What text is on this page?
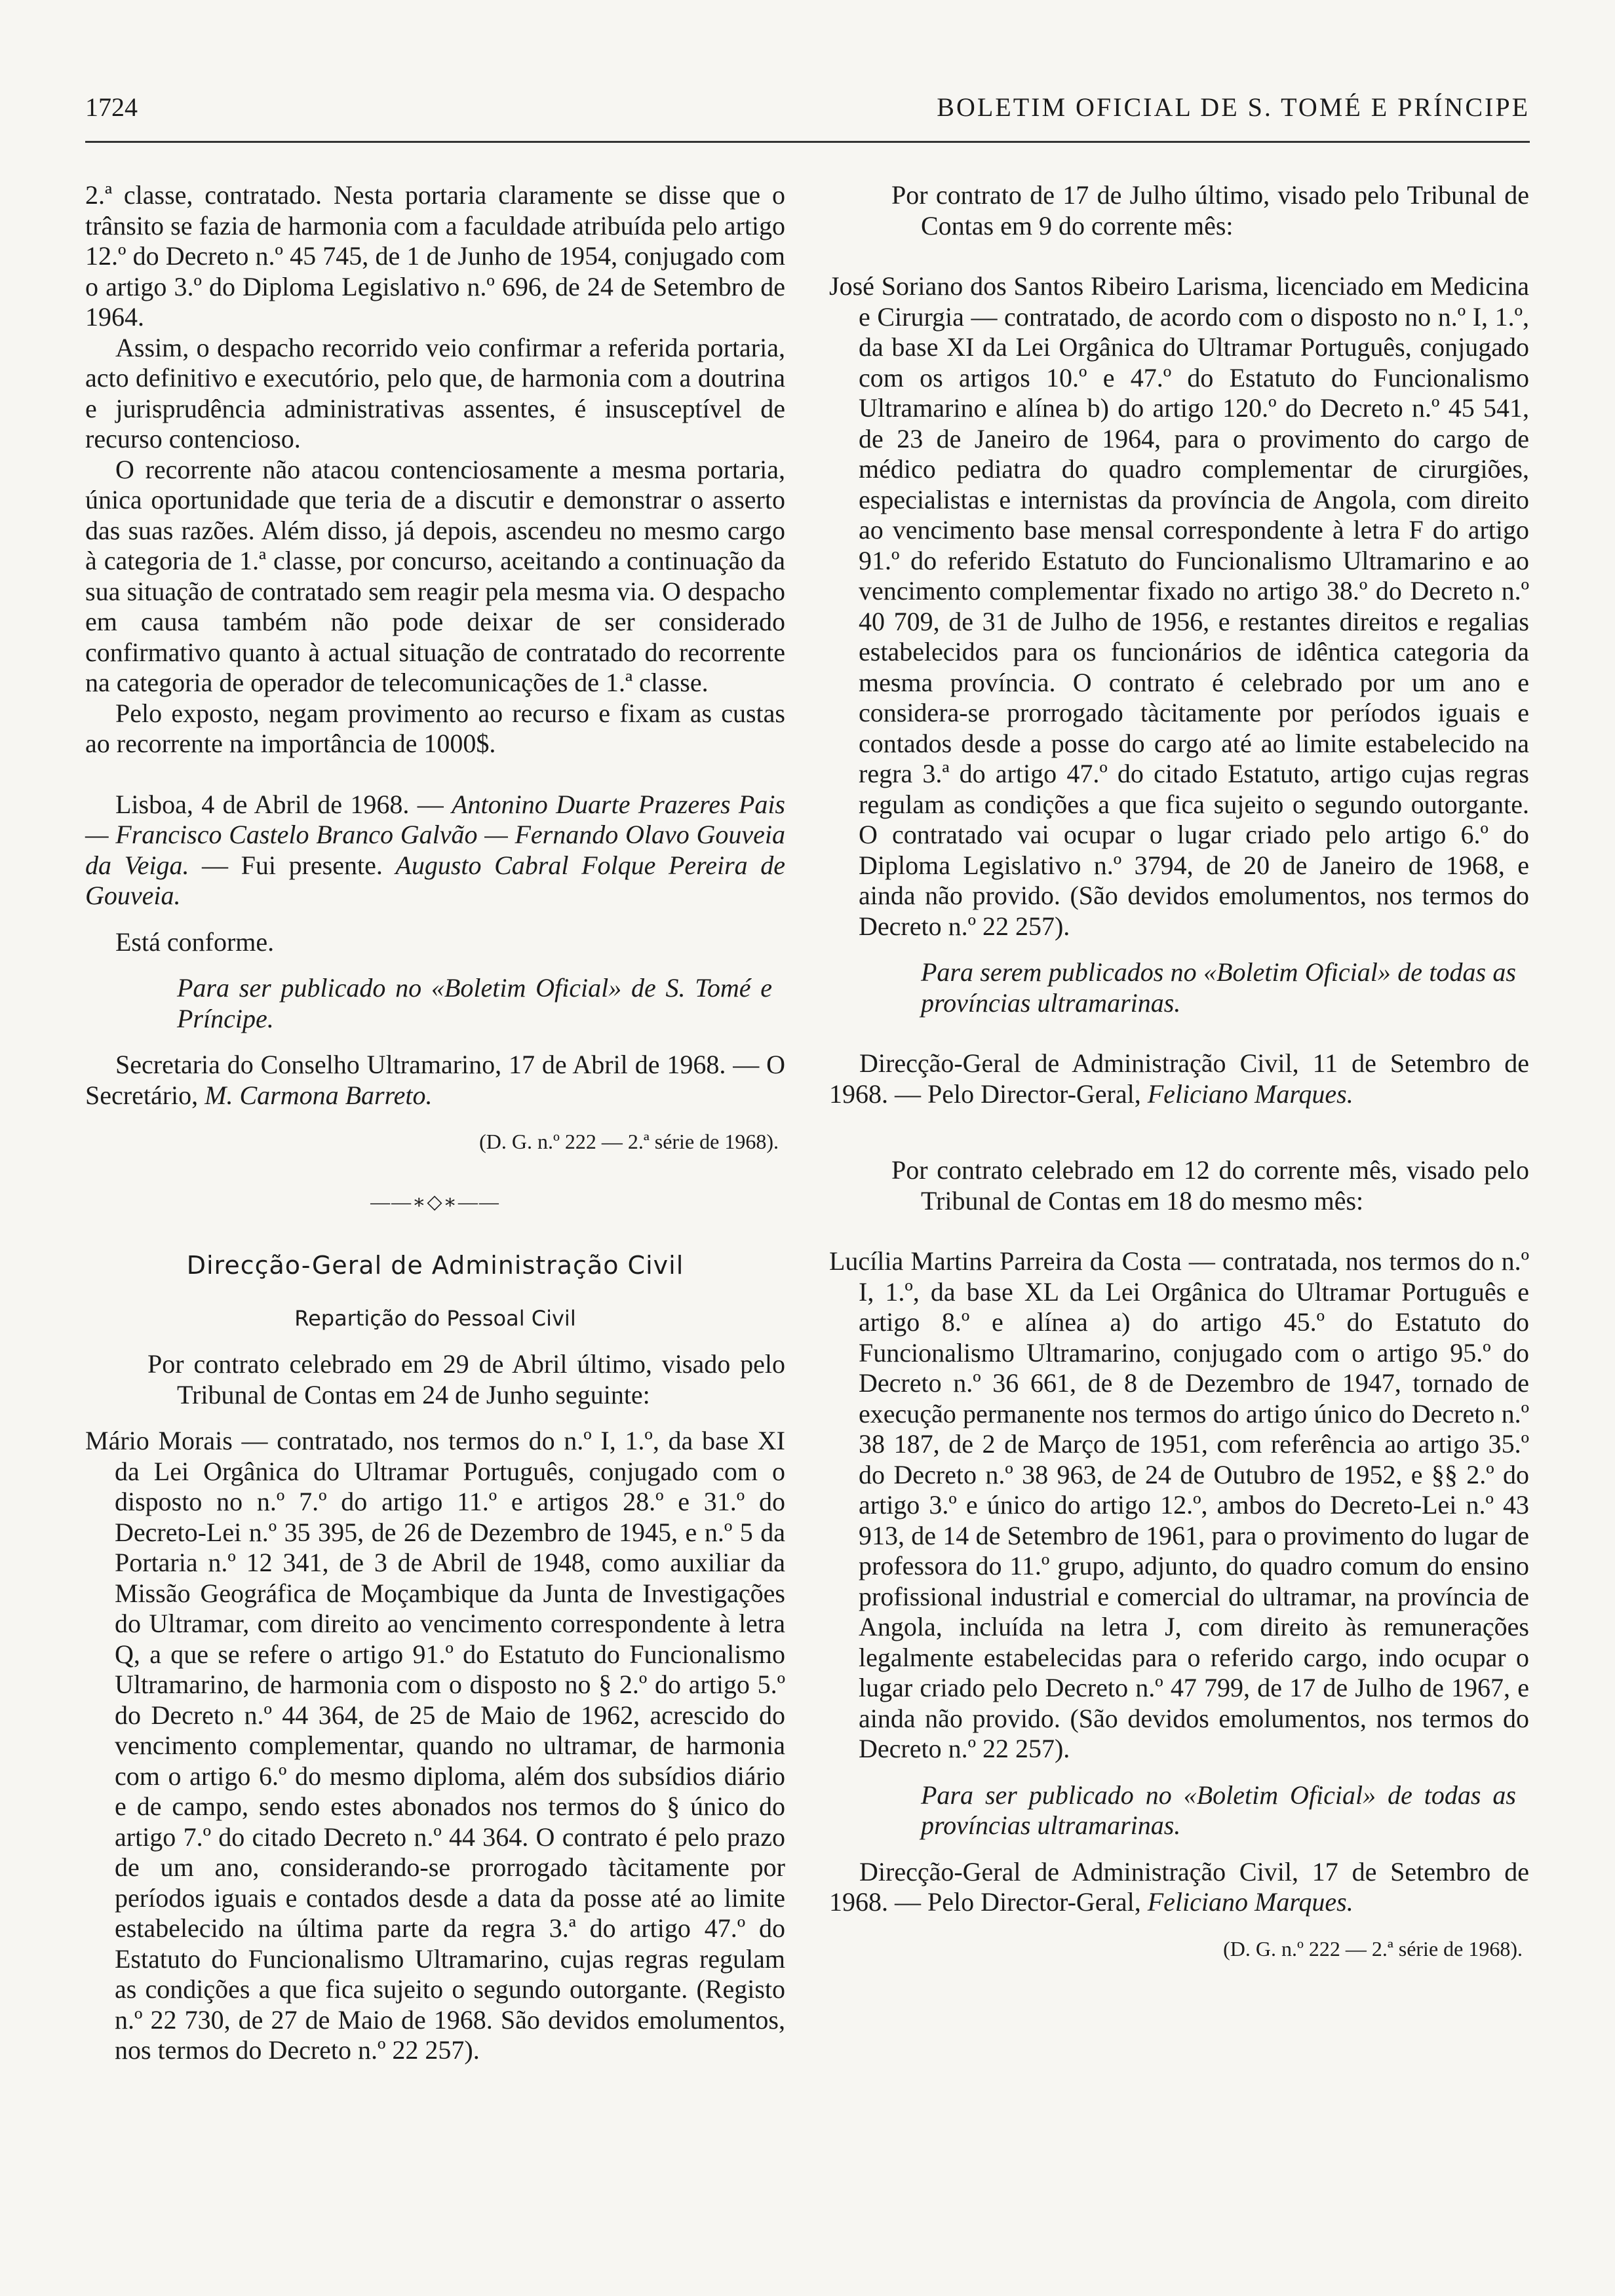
1724	BOLETIM OFICIAL DE S. TOMÉ E PRÍNCIPE

2.ª classe, contratado. Nesta portaria claramente se disse que o trânsito se fazia de harmonia com a faculdade atribuída pelo artigo 12.º do Decreto n.º 45 745, de 1 de Junho de 1954, conjugado com o artigo 3.º do Diploma Legislativo n.º 696, de 24 de Setembro de 1964.

Assim, o despacho recorrido veio confirmar a referida portaria, acto definitivo e executório, pelo que, de harmonia com a doutrina e jurisprudência administrativas assentes, é insusceptível de recurso contencioso.

O recorrente não atacou contenciosamente a mesma portaria, única oportunidade que teria de a discutir e demonstrar o asserto das suas razões. Além disso, já depois, ascendeu no mesmo cargo à categoria de 1.ª classe, por concurso, aceitando a continuação da sua situação de contratado sem reagir pela mesma via. O despacho em causa também não pode deixar de ser considerado confirmativo quanto à actual situação de contratado do recorrente na categoria de operador de telecomunicações de 1.ª classe.

Pelo exposto, negam provimento ao recurso e fixam as custas ao recorrente na importância de 1000$.

Lisboa, 4 de Abril de 1968. — Antonino Duarte Prazeres Pais — Francisco Castelo Branco Galvão — Fernando Olavo Gouveia da Veiga. — Fui presente. Augusto Cabral Folque Pereira de Gouveia.

Está conforme.

Para ser publicado no «Boletim Oficial» de S. Tomé e Príncipe.

Secretaria do Conselho Ultramarino, 17 de Abril de 1968. — O Secretário, M. Carmona Barreto.

(D. G. n.º 222 — 2.ª série de 1968).

——∗◇∗——

Direcção-Geral de Administração Civil

Repartição do Pessoal Civil

Por contrato celebrado em 29 de Abril último, visado pelo Tribunal de Contas em 24 de Junho seguinte:

Mário Morais — contratado, nos termos do n.º I, 1.º, da base XI da Lei Orgânica do Ultramar Português, conjugado com o disposto no n.º 7.º do artigo 11.º e artigos 28.º e 31.º do Decreto-Lei n.º 35 395, de 26 de Dezembro de 1945, e n.º 5 da Portaria n.º 12 341, de 3 de Abril de 1948, como auxiliar da Missão Geográfica de Moçambique da Junta de Investigações do Ultramar, com direito ao vencimento correspondente à letra Q, a que se refere o artigo 91.º do Estatuto do Funcionalismo Ultramarino, de harmonia com o disposto no § 2.º do artigo 5.º do Decreto n.º 44 364, de 25 de Maio de 1962, acrescido do vencimento complementar, quando no ultramar, de harmonia com o artigo 6.º do mesmo diploma, além dos subsídios diário e de campo, sendo estes abonados nos termos do § único do artigo 7.º do citado Decreto n.º 44 364. O contrato é pelo prazo de um ano, considerando-se prorrogado tàcitamente por períodos iguais e contados desde a data da posse até ao limite estabelecido na última parte da regra 3.ª do artigo 47.º do Estatuto do Funcionalismo Ultramarino, cujas regras regulam as condições a que fica sujeito o segundo outorgante. (Registo n.º 22 730, de 27 de Maio de 1968. São devidos emolumentos, nos termos do Decreto n.º 22 257).

Por contrato de 17 de Julho último, visado pelo Tribunal de Contas em 9 do corrente mês:

José Soriano dos Santos Ribeiro Larisma, licenciado em Medicina e Cirurgia — contratado, de acordo com o disposto no n.º I, 1.º, da base XI da Lei Orgânica do Ultramar Português, conjugado com os artigos 10.º e 47.º do Estatuto do Funcionalismo Ultramarino e alínea b) do artigo 120.º do Decreto n.º 45 541, de 23 de Janeiro de 1964, para o provimento do cargo de médico pediatra do quadro complementar de cirurgiões, especialistas e internistas da província de Angola, com direito ao vencimento base mensal correspondente à letra F do artigo 91.º do referido Estatuto do Funcionalismo Ultramarino e ao vencimento complementar fixado no artigo 38.º do Decreto n.º 40 709, de 31 de Julho de 1956, e restantes direitos e regalias estabelecidos para os funcionários de idêntica categoria da mesma província. O contrato é celebrado por um ano e considera-se prorrogado tàcitamente por períodos iguais e contados desde a posse do cargo até ao limite estabelecido na regra 3.ª do artigo 47.º do citado Estatuto, artigo cujas regras regulam as condições a que fica sujeito o segundo outorgante. O contratado vai ocupar o lugar criado pelo artigo 6.º do Diploma Legislativo n.º 3794, de 20 de Janeiro de 1968, e ainda não provido. (São devidos emolumentos, nos termos do Decreto n.º 22 257).

Para serem publicados no «Boletim Oficial» de todas as províncias ultramarinas.

Direcção-Geral de Administração Civil, 11 de Setembro de 1968. — Pelo Director-Geral, Feliciano Marques.

Por contrato celebrado em 12 do corrente mês, visado pelo Tribunal de Contas em 18 do mesmo mês:

Lucília Martins Parreira da Costa — contratada, nos termos do n.º I, 1.º, da base XL da Lei Orgânica do Ultramar Português e artigo 8.º e alínea a) do artigo 45.º do Estatuto do Funcionalismo Ultramarino, conjugado com o artigo 95.º do Decreto n.º 36 661, de 8 de Dezembro de 1947, tornado de execução permanente nos termos do artigo único do Decreto n.º 38 187, de 2 de Março de 1951, com referência ao artigo 35.º do Decreto n.º 38 963, de 24 de Outubro de 1952, e §§ 2.º do artigo 3.º e único do artigo 12.º, ambos do Decreto-Lei n.º 43 913, de 14 de Setembro de 1961, para o provimento do lugar de professora do 11.º grupo, adjunto, do quadro comum do ensino profissional industrial e comercial do ultramar, na província de Angola, incluída na letra J, com direito às remunerações legalmente estabelecidas para o referido cargo, indo ocupar o lugar criado pelo Decreto n.º 47 799, de 17 de Julho de 1967, e ainda não provido. (São devidos emolumentos, nos termos do Decreto n.º 22 257).

Para ser publicado no «Boletim Oficial» de todas as províncias ultramarinas.

Direcção-Geral de Administração Civil, 17 de Setembro de 1968. — Pelo Director-Geral, Feliciano Marques.

(D. G. n.º 222 — 2.ª série de 1968).
